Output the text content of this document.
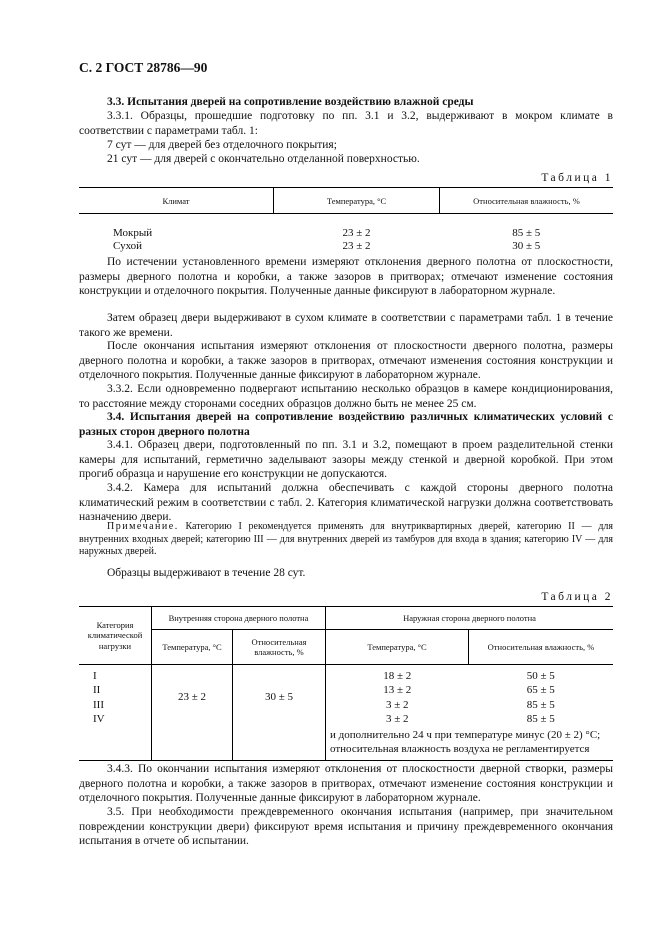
С. 2 ГОСТ 28786—90
3.3. Испытания дверей на сопротивление воздействию влажной среды
3.3.1. Образцы, прошедшие подготовку по пп. 3.1 и 3.2, выдерживают в мокром климате в соответствии с параметрами табл. 1:
7 сут — для дверей без отделочного покрытия;
21 сут — для дверей с окончательно отделанной поверхностью.
Таблица 1
Климат	Температура, °С	Относительная влажность, %

Мокрый	23 ± 2	85 ± 5
Сухой	23 ± 2	30 ± 5
По истечении установленного времени измеряют отклонения дверного полотна от плоскостности, размеры дверного полотна и коробки, а также зазоров в притворах; отмечают изменение состояния конструкции и отделочного покрытия. Полученные данные фиксируют в лабораторном журнале.
Затем образец двери выдерживают в сухом климате в соответствии с параметрами табл. 1 в течение такого же времени.
После окончания испытания измеряют отклонения от плоскостности дверного полотна, размеры дверного полотна и коробки, а также зазоров в притворах, отмечают изменения состояния конструкции и отделочного покрытия. Полученные данные фиксируют в лабораторном журнале.
3.3.2. Если одновременно подвергают испытанию несколько образцов в камере кондиционирования, то расстояние между сторонами соседних образцов должно быть не менее 25 см.
3.4. Испытания дверей на сопротивление воздействию различных климатических условий с разных сторон дверного полотна
3.4.1. Образец двери, подготовленный по пп. 3.1 и 3.2, помещают в проем разделительной стенки камеры для испытаний, герметично заделывают зазоры между стенкой и дверной коробкой. При этом прогиб образца и нарушение его конструкции не допускаются.
3.4.2. Камера для испытаний должна обеспечивать с каждой стороны дверного полотна климатический режим в соответствии с табл. 2. Категория климатической нагрузки должна соответствовать назначению двери.
Примечание. Категорию I рекомендуется применять для внутриквартирных дверей, категорию II — для внутренних входных дверей; категорию III — для внутренних дверей из тамбуров для входа в здания; категорию IV — для наружных дверей.
Образцы выдерживают в течение 28 сут.
Таблица 2
Категория климатической нагрузки	Внутренняя сторона дверного полотна		Наружная сторона дверного полотна	
	Температура, °С	Относительная влажность, %	Температура, °С	Относительная влажность, %

I	23 ± 2	30 ± 5	18 ± 2	50 ± 5
II			13 ± 2	65 ± 5
III			3 ± 2	85 ± 5
IV			3 ± 2	85 ± 5

			и дополнительно 24 ч при температуре минус (20 ± 2) °С;
относительная влажность воздуха не регламентируется	
3.4.3. По окончании испытания измеряют отклонения от плоскостности дверной створки, размеры дверного полотна и коробки, а также зазоров в притворах, отмечают изменение состояния конструкции и отделочного покрытия. Полученные данные фиксируют в лабораторном журнале.
3.5. При необходимости преждевременного окончания испытания (например, при значительном повреждении конструкции двери) фиксируют время испытания и причину преждевременного окончания испытания в отчете об испытании.
